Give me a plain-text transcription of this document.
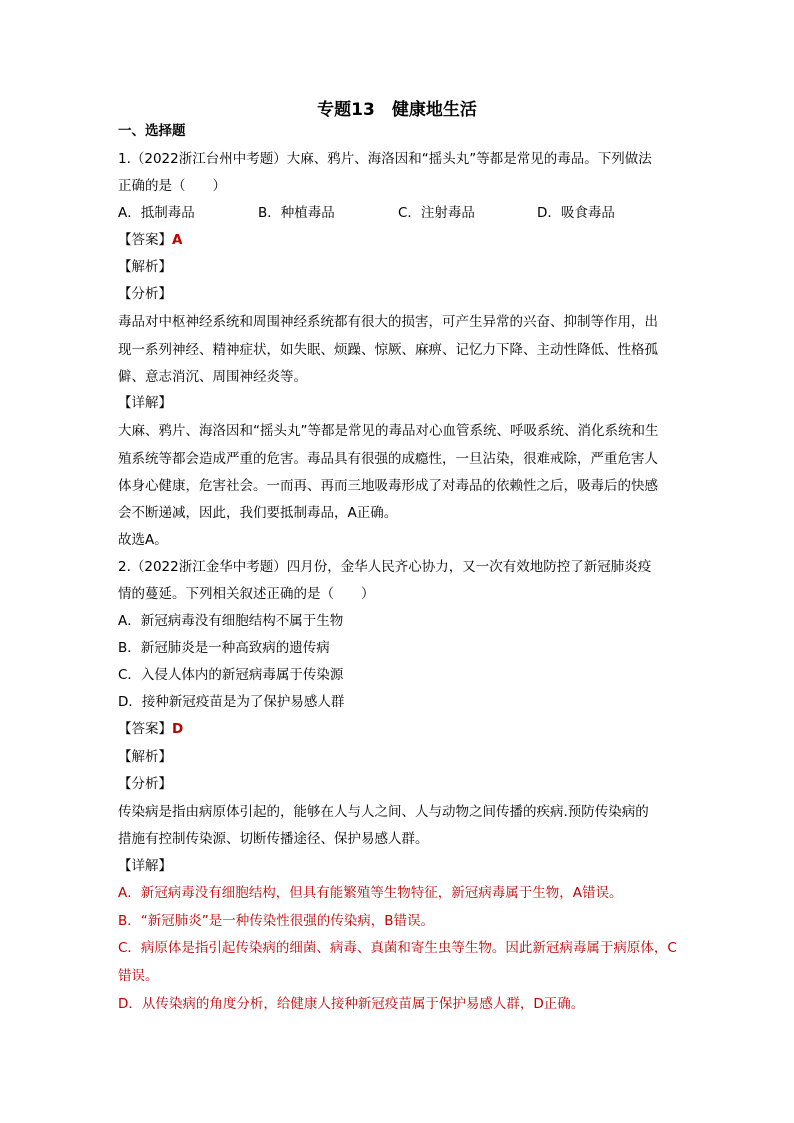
专题13　健康地生活
一、选择题
1.（2022浙江台州中考题）大麻、鸦片、海洛因和“摇头丸”等都是常见的毒品。下列做法
正确的是（　　）
A．抵制毒品	B．种植毒品	C．注射毒品	D．吸食毒品
【答案】A
【解析】
【分析】
毒品对中枢神经系统和周围神经系统都有很大的损害，可产生异常的兴奋、抑制等作用，出
现一系列神经、精神症状，如失眠、烦躁、惊厥、麻痹、记忆力下降、主动性降低、性格孤
僻、意志消沉、周围神经炎等。
【详解】
大麻、鸦片、海洛因和“摇头丸”等都是常见的毒品对心血管系统、呼吸系统、消化系统和生
殖系统等都会造成严重的危害。毒品具有很强的成瘾性，一旦沾染，很难戒除，严重危害人
体身心健康，危害社会。一而再、再而三地吸毒形成了对毒品的依赖性之后，吸毒后的快感
会不断递减，因此，我们要抵制毒品，A正确。
故选A。
2.（2022浙江金华中考题）四月份，金华人民齐心协力，又一次有效地防控了新冠肺炎疫
情的蔓延。下列相关叙述正确的是（　　）
A．新冠病毒没有细胞结构不属于生物
B．新冠肺炎是一种高致病的遗传病
C．入侵人体内的新冠病毒属于传染源
D．接种新冠疫苗是为了保护易感人群
【答案】D
【解析】
【分析】
传染病是指由病原体引起的，能够在人与人之间、人与动物之间传播的疾病.预防传染病的
措施有控制传染源、切断传播途径、保护易感人群。
【详解】
A．新冠病毒没有细胞结构，但具有能繁殖等生物特征，新冠病毒属于生物，A错误。
B．“新冠肺炎”是一种传染性很强的传染病，B错误。
C．病原体是指引起传染病的细菌、病毒、真菌和寄生虫等生物。因此新冠病毒属于病原体，C
错误。
D．从传染病的角度分析，给健康人接种新冠疫苗属于保护易感人群，D正确。
